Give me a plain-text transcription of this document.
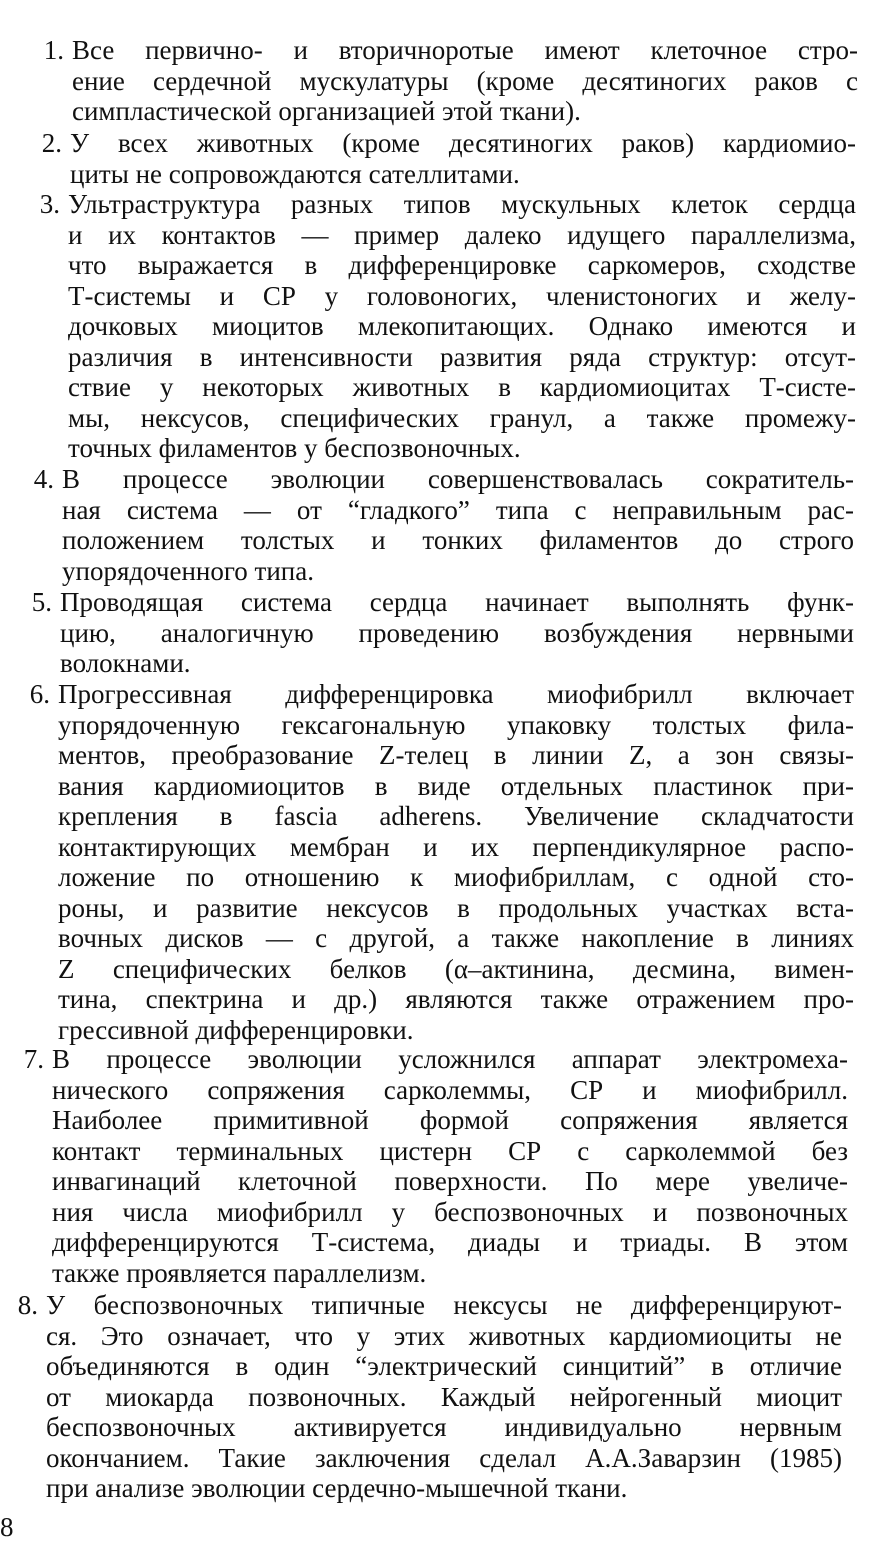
1. Все первично- и вторичноротые имеют клеточное стро-
ение сердечной мускулатуры (кроме десятиногих раков с
симпластической организацией этой ткани).
2. У всех животных (кроме десятиногих раков) кардиомио-
циты не сопровождаются сателлитами.
3. Ультраструктура разных типов мускульных клеток сердца
и их контактов — пример далеко идущего параллелизма,
что выражается в дифференцировке саркомеров, сходстве
Т-системы и СР у головоногих, членистоногих и желу-
дочковых миоцитов млекопитающих. Однако имеются и
различия в интенсивности развития ряда структур: отсут-
ствие у некоторых животных в кардиомиоцитах Т-систе-
мы, нексусов, специфических гранул, а также промежу-
точных филаментов у беспозвоночных.
4. В процессе эволюции совершенствовалась сократитель-
ная система — от “гладкого” типа с неправильным рас-
положением толстых и тонких филаментов до строго
упорядоченного типа.
5. Проводящая система сердца начинает выполнять функ-
цию, аналогичную проведению возбуждения нервными
волокнами.
6. Прогрессивная дифференцировка миофибрилл включает
упорядоченную гексагональную упаковку толстых фила-
ментов, преобразование Z-телец в линии Z, а зон связы-
вания кардиомиоцитов в виде отдельных пластинок при-
крепления в fascia adherens. Увеличение складчатости
контактирующих мембран и их перпендикулярное распо-
ложение по отношению к миофибриллам, с одной сто-
роны, и развитие нексусов в продольных участках вста-
вочных дисков — с другой, а также накопление в линиях
Z специфических белков (α–актинина, десмина, вимен-
тина, спектрина и др.) являются также отражением про-
грессивной дифференцировки.
7. В процессе эволюции усложнился аппарат электромеха-
нического сопряжения сарколеммы, СР и миофибрилл.
Наиболее примитивной формой сопряжения является
контакт терминальных цистерн СР с сарколеммой без
инвагинаций клеточной поверхности. По мере увеличе-
ния числа миофибрилл у беспозвоночных и позвоночных
дифференцируются Т-система, диады и триады. В этом
также проявляется параллелизм.
8. У беспозвоночных типичные нексусы не дифференцируют-
ся. Это означает, что у этих животных кардиомиоциты не
объединяются в один “электрический синцитий” в отличие
от миокарда позвоночных. Каждый нейрогенный миоцит
беспозвоночных активируется индивидуально нервным
окончанием. Такие заключения сделал А.А.Заварзин (1985)
при анализе эволюции сердечно-мышечной ткани.
8
